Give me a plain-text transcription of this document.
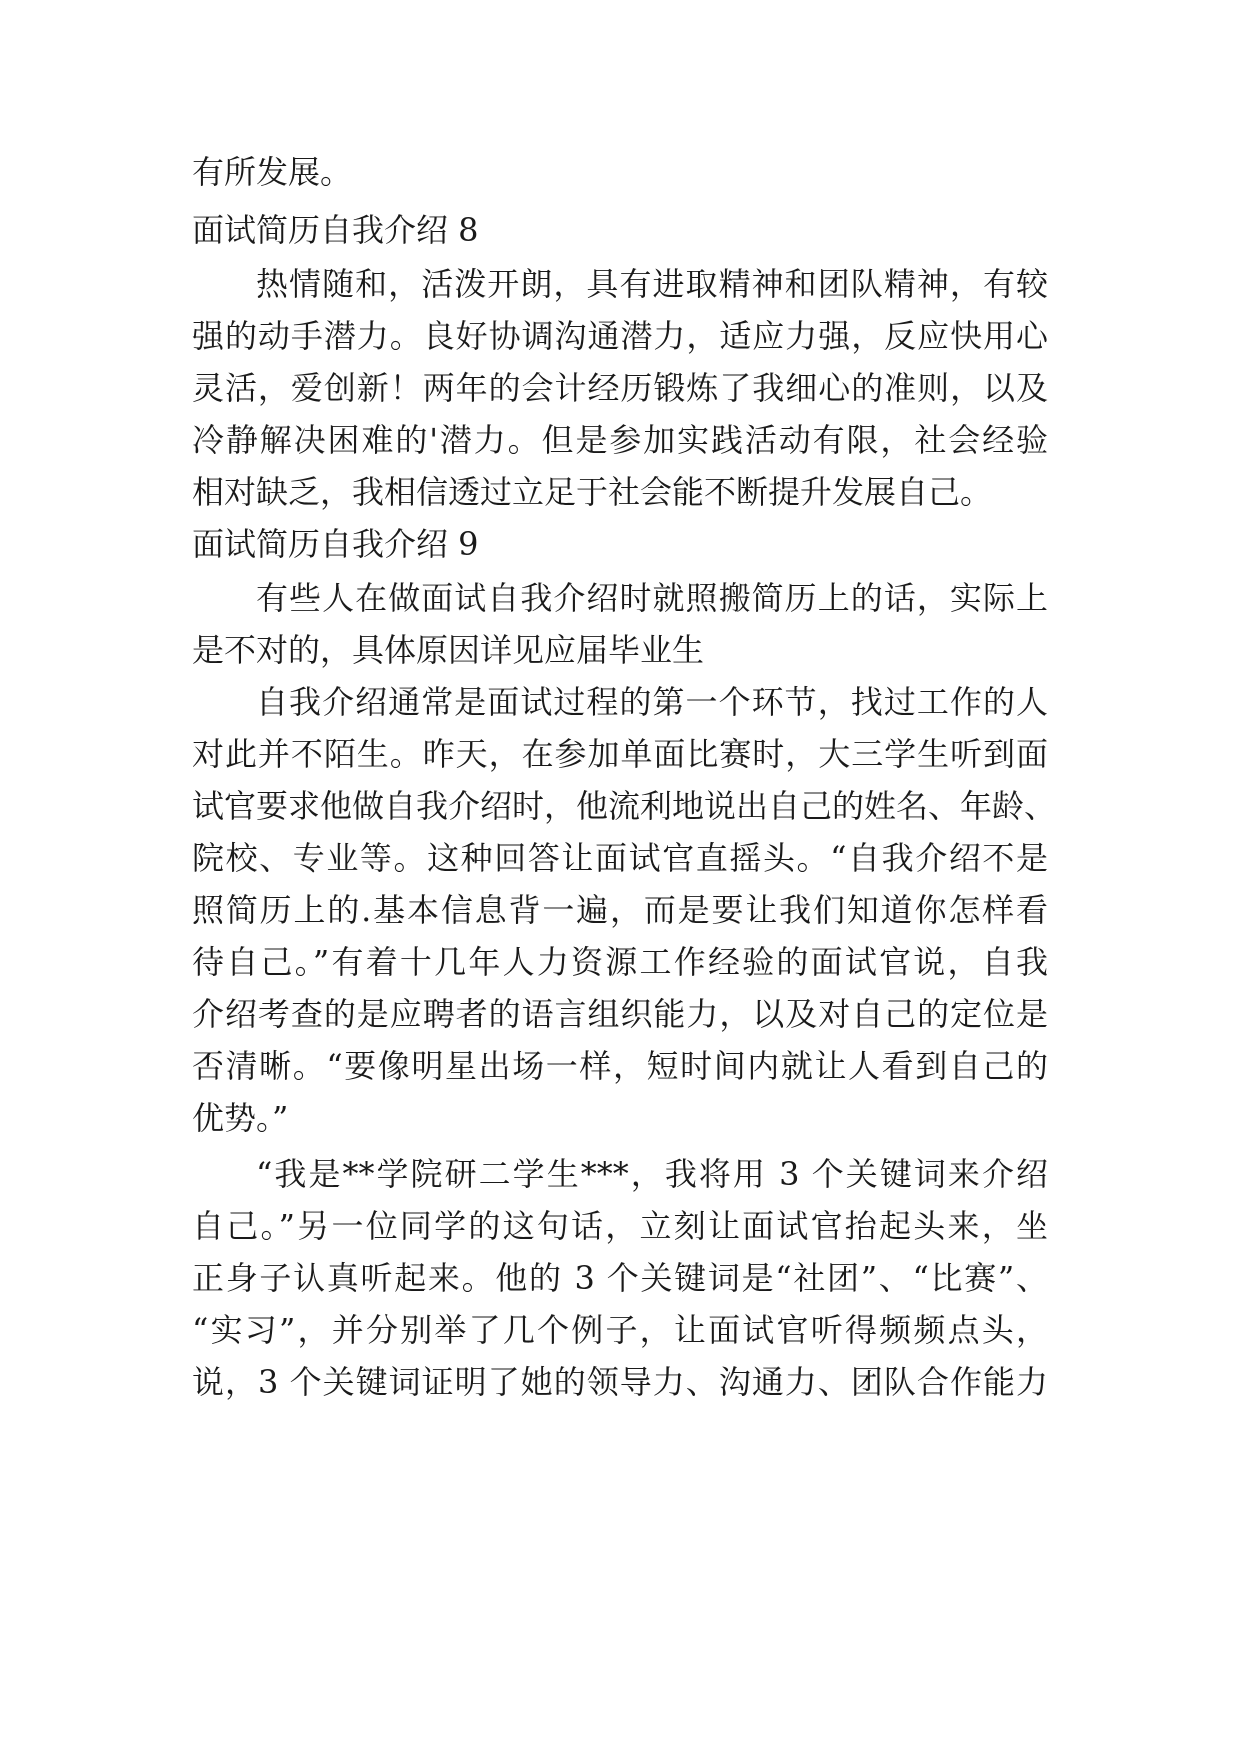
有所发展。
面试简历自我介绍 8
热情随和，活泼开朗，具有进取精神和团队精神，有较
强的动手潜力。良好协调沟通潜力，适应力强，反应快用心
灵活，爱创新！两年的会计经历锻炼了我细心的准则，以及
冷静解决困难的'潜力。但是参加实践活动有限，社会经验
相对缺乏，我相信透过立足于社会能不断提升发展自己。
面试简历自我介绍 9
有些人在做面试自我介绍时就照搬简历上的话，实际上
是不对的，具体原因详见应届毕业生
自我介绍通常是面试过程的第一个环节，找过工作的人
对此并不陌生。昨天，在参加单面比赛时，大三学生听到面
试官要求他做自我介绍时，他流利地说出自己的姓名、年龄、
院校、专业等。这种回答让面试官直摇头。“自我介绍不是
照简历上的.基本信息背一遍，而是要让我们知道你怎样看
待自己。”有着十几年人力资源工作经验的面试官说，自我
介绍考查的是应聘者的语言组织能力，以及对自己的定位是
否清晰。“要像明星出场一样，短时间内就让人看到自己的
优势。”
“我是**学院研二学生***，我将用 3 个关键词来介绍
自己。”另一位同学的这句话，立刻让面试官抬起头来，坐
正身子认真听起来。他的 3 个关键词是“社团”、“比赛”、
“实习”，并分别举了几个例子，让面试官听得频频点头，
说，3 个关键词证明了她的领导力、沟通力、团队合作能力
